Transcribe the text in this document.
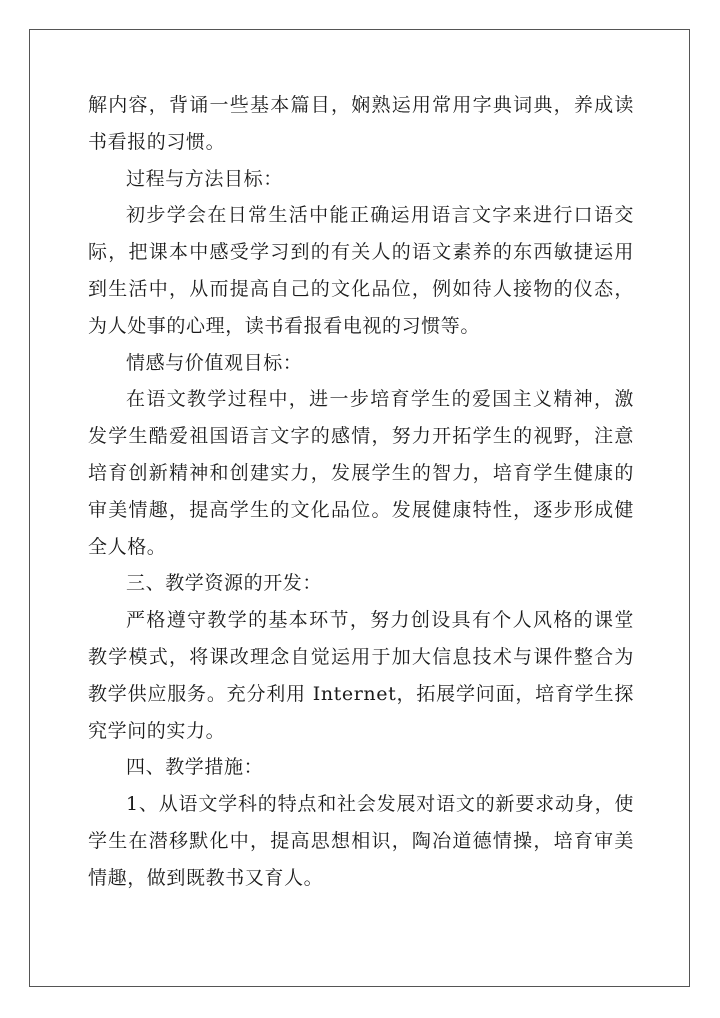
解内容，背诵一些基本篇目，娴熟运用常用字典词典，养成读书看报的习惯。

过程与方法目标：

初步学会在日常生活中能正确运用语言文字来进行口语交际，把课本中感受学习到的有关人的语文素养的东西敏捷运用到生活中，从而提高自己的文化品位，例如待人接物的仪态，为人处事的心理，读书看报看电视的习惯等。

情感与价值观目标：

在语文教学过程中，进一步培育学生的爱国主义精神，激发学生酷爱祖国语言文字的感情，努力开拓学生的视野，注意培育创新精神和创建实力，发展学生的智力，培育学生健康的审美情趣，提高学生的文化品位。发展健康特性，逐步形成健全人格。

三、教学资源的开发：

严格遵守教学的基本环节，努力创设具有个人风格的课堂教学模式，将课改理念自觉运用于加大信息技术与课件整合为教学供应服务。充分利用 Internet，拓展学问面，培育学生探究学问的实力。

四、教学措施：

1、从语文学科的特点和社会发展对语文的新要求动身，使学生在潜移默化中，提高思想相识，陶冶道德情操，培育审美情趣，做到既教书又育人。
